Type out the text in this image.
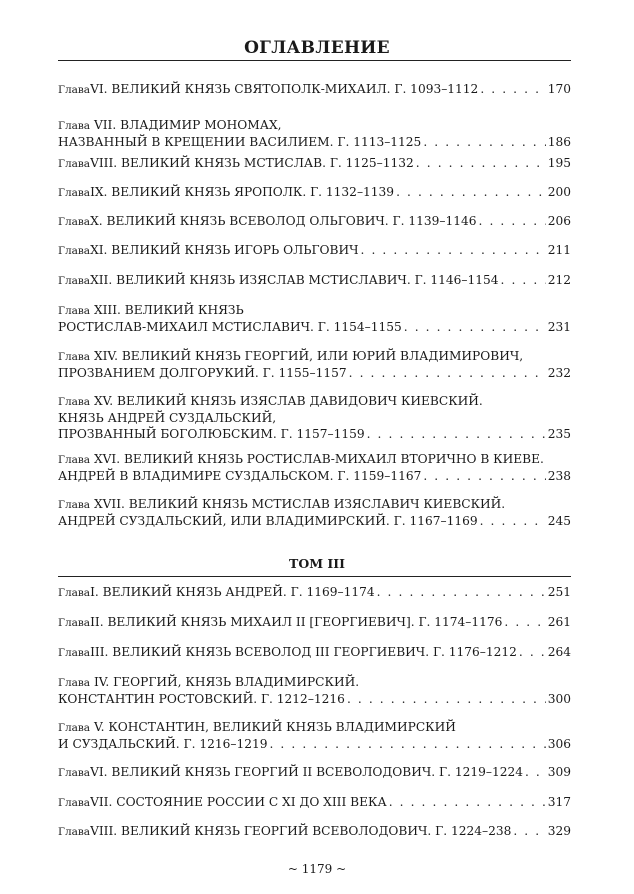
ОГЛАВЛЕНИЕ
Глава VI. ВЕЛИКИЙ КНЯЗЬ СВЯТОПОЛК-МИХАИЛ. Г. 1093–1112 . . .	170
Глава VII. ВЛАДИМИР МОНОМАХ,
НАЗВАННЫЙ В КРЕЩЕНИИ ВАСИЛИЕМ. Г. 1113–1125 . . .	186
Глава VIII. ВЕЛИКИЙ КНЯЗЬ МСТИСЛАВ. Г. 1125–1132 . . .	195
Глава IX. ВЕЛИКИЙ КНЯЗЬ ЯРОПОЛК. Г. 1132–1139 . . .	200
Глава X. ВЕЛИКИЙ КНЯЗЬ ВСЕВОЛОД ОЛЬГОВИЧ. Г. 1139–1146 . . .	206
Глава XI. ВЕЛИКИЙ КНЯЗЬ ИГОРЬ ОЛЬГОВИЧ . . .	211
Глава XII. ВЕЛИКИЙ КНЯЗЬ ИЗЯСЛАВ МСТИСЛАВИЧ. Г. 1146–1154 . . .	212
Глава XIII. ВЕЛИКИЙ КНЯЗЬ
РОСТИСЛАВ-МИХАИЛ МСТИСЛАВИЧ. Г. 1154–1155 . . .	231
Глава XIV. ВЕЛИКИЙ КНЯЗЬ ГЕОРГИЙ, ИЛИ ЮРИЙ ВЛАДИМИРОВИЧ,
ПРОЗВАНИЕМ ДОЛГОРУКИЙ. Г. 1155–1157 . . .	232
Глава XV. ВЕЛИКИЙ КНЯЗЬ ИЗЯСЛАВ ДАВИДОВИЧ КИЕВСКИЙ.
КНЯЗЬ АНДРЕЙ СУЗДАЛЬСКИЙ,
ПРОЗВАННЫЙ БОГОЛЮБСКИМ. Г. 1157–1159 . . .	235
Глава XVI. ВЕЛИКИЙ КНЯЗЬ РОСТИСЛАВ-МИХАИЛ ВТОРИЧНО В КИЕВЕ.
АНДРЕЙ В ВЛАДИМИРЕ СУЗДАЛЬСКОМ. Г. 1159–1167 . . .	238
Глава XVII. ВЕЛИКИЙ КНЯЗЬ МСТИСЛАВ ИЗЯСЛАВИЧ КИЕВСКИЙ.
АНДРЕЙ СУЗДАЛЬСКИЙ, ИЛИ ВЛАДИМИРСКИЙ. Г. 1167–1169 . . .	245
ТОМ III
Глава I. ВЕЛИКИЙ КНЯЗЬ АНДРЕЙ. Г. 1169–1174 . . .	251
Глава II. ВЕЛИКИЙ КНЯЗЬ МИХАИЛ II [ГЕОРГИЕВИЧ]. Г. 1174–1176 . . .	261
Глава III. ВЕЛИКИЙ КНЯЗЬ ВСЕВОЛОД III ГЕОРГИЕВИЧ. Г. 1176–1212 . . .	264
Глава IV. ГЕОРГИЙ, КНЯЗЬ ВЛАДИМИРСКИЙ.
КОНСТАНТИН РОСТОВСКИЙ. Г. 1212–1216 . . .	300
Глава V. КОНСТАНТИН, ВЕЛИКИЙ КНЯЗЬ ВЛАДИМИРСКИЙ
И СУЗДАЛЬСКИЙ. Г. 1216–1219 . . .	306
Глава VI. ВЕЛИКИЙ КНЯЗЬ ГЕОРГИЙ II ВСЕВОЛОДОВИЧ. Г. 1219–1224 . . . 309
Глава VII. СОСТОЯНИЕ РОССИИ С XI ДО XIII ВЕКА . . .	317
Глава VIII. ВЕЛИКИЙ КНЯЗЬ ГЕОРГИЙ ВСЕВОЛОДОВИЧ. Г. 1224–238 . . .	329
~ 1179 ~
